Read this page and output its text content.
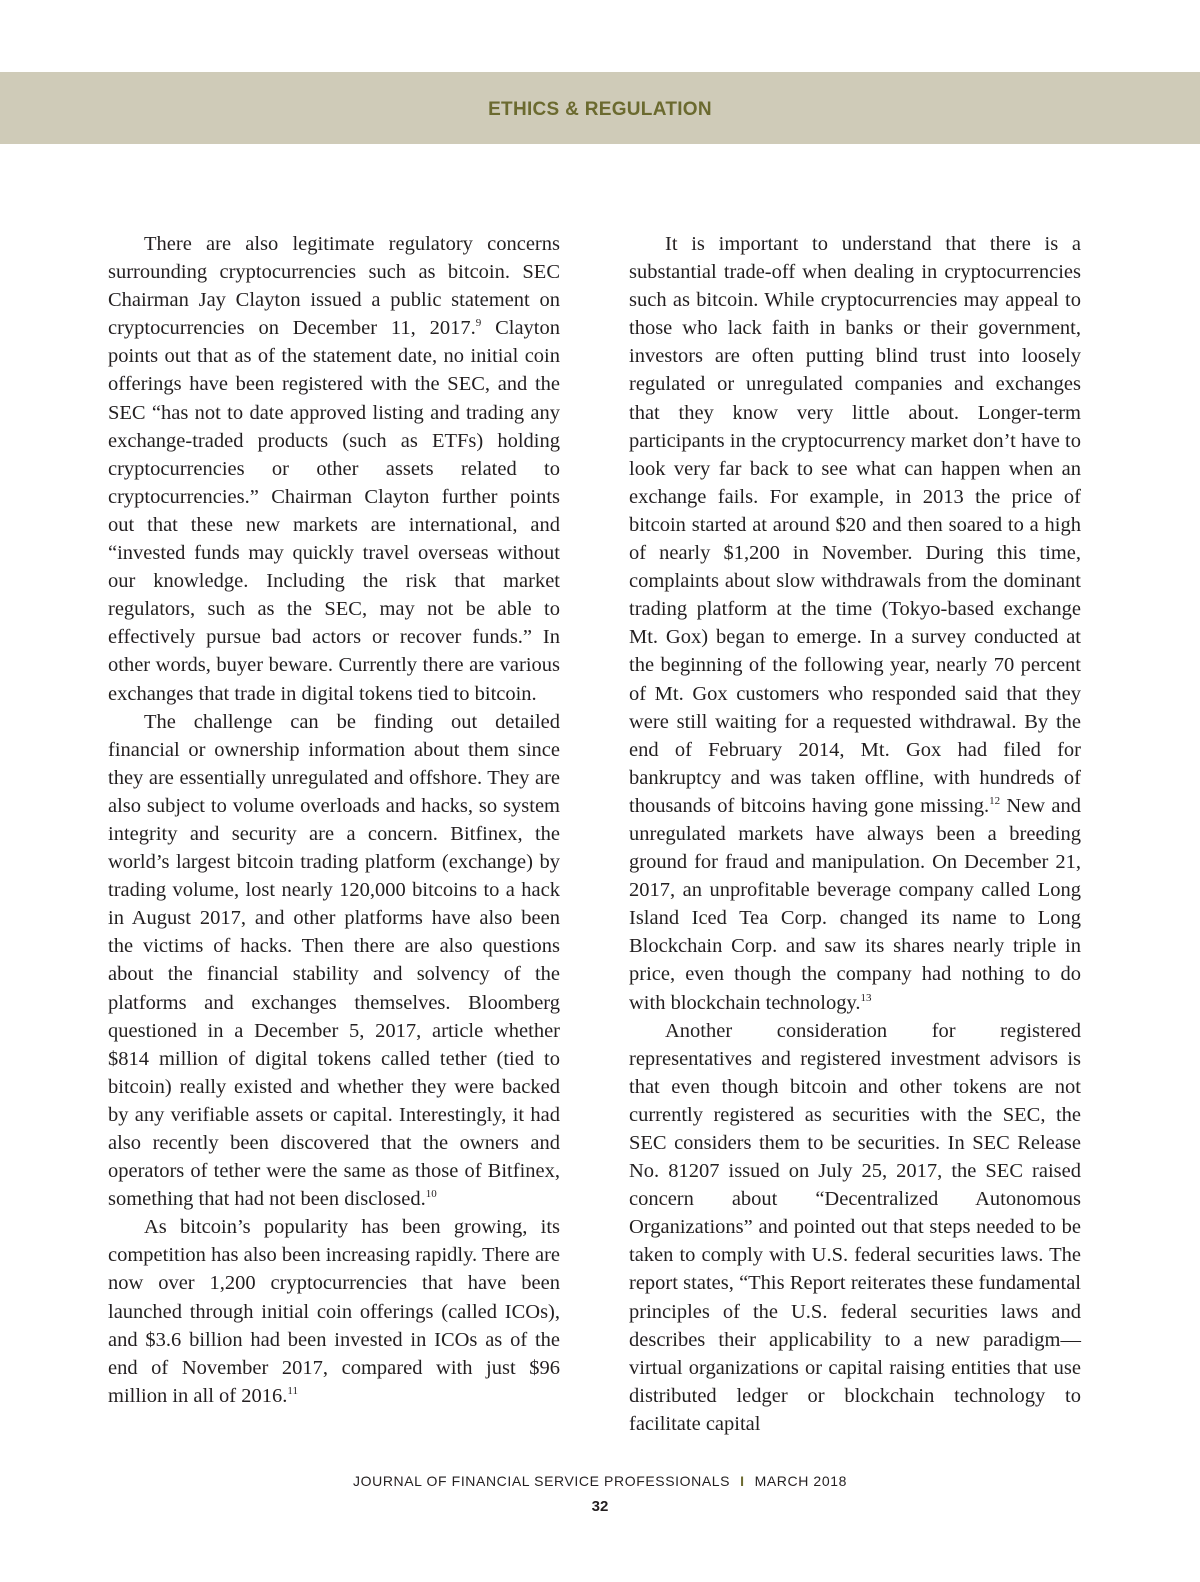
ETHICS & REGULATION

There are also legitimate regulatory concerns surrounding cryptocurrencies such as bitcoin. SEC Chairman Jay Clayton issued a public statement on cryptocurrencies on December 11, 2017.$^9$ Clayton points out that as of the statement date, no initial coin offerings have been registered with the SEC, and the SEC “has not to date approved listing and trading any exchange-traded products (such as ETFs) holding cryptocurrencies or other assets related to cryptocurrencies.” Chairman Clayton further points out that these new markets are international, and “invested funds may quickly travel overseas without our knowledge. Including the risk that market regulators, such as the SEC, may not be able to effectively pursue bad actors or recover funds.” In other words, buyer beware. Currently there are various exchanges that trade in digital tokens tied to bitcoin.

The challenge can be finding out detailed financial or ownership information about them since they are essentially unregulated and offshore. They are also subject to volume overloads and hacks, so system integrity and security are a concern. Bitfinex, the world’s largest bitcoin trading platform (exchange) by trading volume, lost nearly 120,000 bitcoins to a hack in August 2017, and other platforms have also been the victims of hacks. Then there are also questions about the financial stability and solvency of the platforms and exchanges themselves. Bloomberg questioned in a December 5, 2017, article whether $814 million of digital tokens called tether (tied to bitcoin) really existed and whether they were backed by any verifiable assets or capital. Interestingly, it had also recently been discovered that the owners and operators of tether were the same as those of Bitfinex, something that had not been disclosed.$^{10}$

As bitcoin’s popularity has been growing, its competition has also been increasing rapidly. There are now over 1,200 cryptocurrencies that have been launched through initial coin offerings (called ICOs), and $3.6 billion had been invested in ICOs as of the end of November 2017, compared with just $96 million in all of 2016.11

It is important to understand that there is a substantial trade-off when dealing in cryptocurrencies such as bitcoin. While cryptocurrencies may appeal to those who lack faith in banks or their government, investors are often putting blind trust into loosely regulated or unregulated companies and exchanges that they know very little about. Longer-term participants in the cryptocurrency market don’t have to look very far back to see what can happen when an exchange fails. For example, in 2013 the price of bitcoin started at around $20 and then soared to a high of nearly $1,200 in November. During this time, complaints about slow withdrawals from the dominant trading platform at the time (Tokyo-based exchange Mt. Gox) began to emerge. In a survey conducted at the beginning of the following year, nearly 70 percent of Mt. Gox customers who responded said that they were still waiting for a requested withdrawal. By the end of February 2014, Mt. Gox had filed for bankruptcy and was taken offline, with hundreds of thousands of bitcoins having gone missing.$^{12}$ New and unregulated markets have always been a breeding ground for fraud and manipulation. On December 21, 2017, an unprofitable beverage company called Long Island Iced Tea Corp. changed its name to Long Blockchain Corp. and saw its shares nearly triple in price, even though the company had nothing to do with blockchain technology.$^{13}$

Another consideration for registered representatives and registered investment advisors is that even though bitcoin and other tokens are not currently registered as securities with the SEC, the SEC considers them to be securities. In SEC Release No. 81207 issued on July 25, 2017, the SEC raised concern about “Decentralized Autonomous Organizations” and pointed out that steps needed to be taken to comply with U.S. federal securities laws. The report states, “This Report reiterates these fundamental principles of the U.S. federal securities laws and describes their applicability to a new paradigm—virtual organizations or capital raising entities that use distributed ledger or blockchain technology to facilitate capital

JOURNAL OF FINANCIAL SERVICE PROFESSIONALS I MARCH 2018
32
